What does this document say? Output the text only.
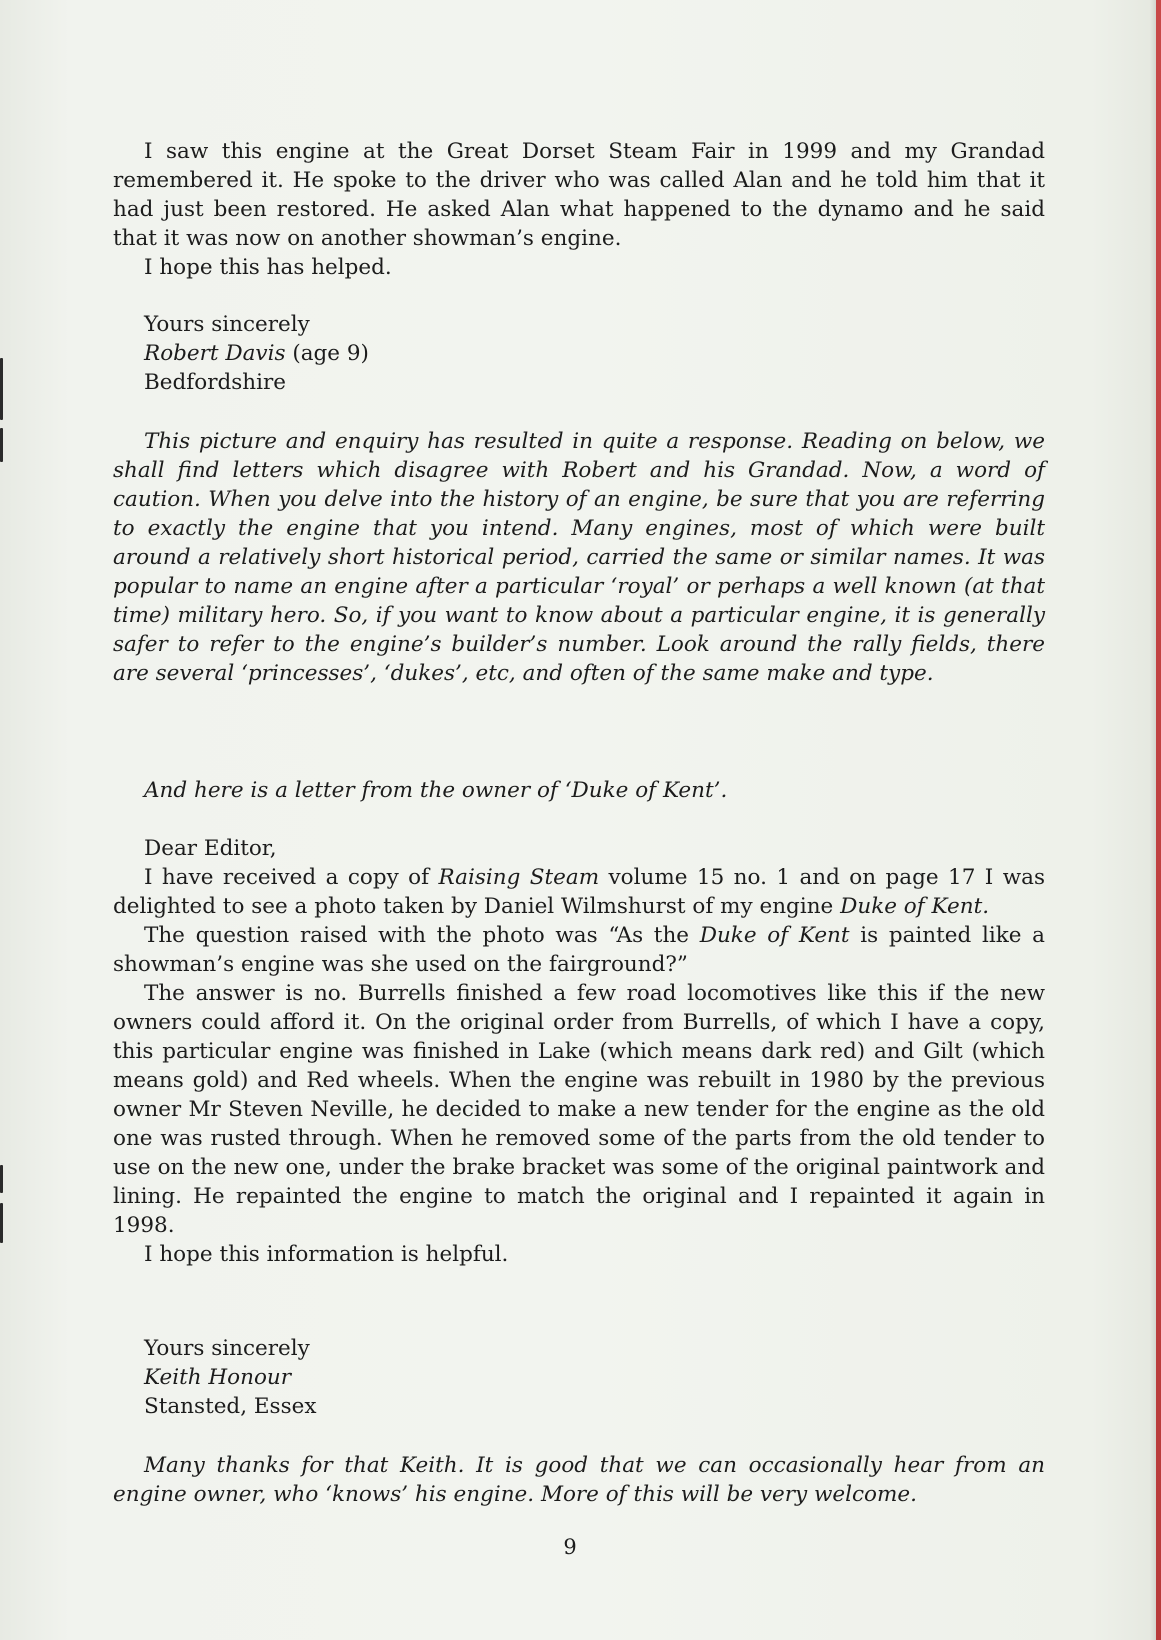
I saw this engine at the Great Dorset Steam Fair in 1999 and my Grandad remembered it. He spoke to the driver who was called Alan and he told him that it had just been restored. He asked Alan what happened to the dynamo and he said that it was now on another showman’s engine.

I hope this has helped.

Yours sincerely
Robert Davis (age 9)
Bedfordshire

This picture and enquiry has resulted in quite a response. Reading on below, we shall find letters which disagree with Robert and his Grandad. Now, a word of caution. When you delve into the history of an engine, be sure that you are referring to exactly the engine that you intend. Many engines, most of which were built around a relatively short historical period, carried the same or similar names. It was popular to name an engine after a particular ‘royal’ or perhaps a well known (at that time) military hero. So, if you want to know about a particular engine, it is generally safer to refer to the engine’s builder’s number. Look around the rally fields, there are several ‘princesses’, ‘dukes’, etc, and often of the same make and type.

And here is a letter from the owner of ‘Duke of Kent’.

Dear Editor,

I have received a copy of Raising Steam volume 15 no. 1 and on page 17 I was delighted to see a photo taken by Daniel Wilmshurst of my engine Duke of Kent.

The question raised with the photo was “As the Duke of Kent is painted like a showman’s engine was she used on the fairground?”

The answer is no. Burrells finished a few road locomotives like this if the new owners could afford it. On the original order from Burrells, of which I have a copy, this particular engine was finished in Lake (which means dark red) and Gilt (which means gold) and Red wheels. When the engine was rebuilt in 1980 by the previous owner Mr Steven Neville, he decided to make a new tender for the engine as the old one was rusted through. When he removed some of the parts from the old tender to use on the new one, under the brake bracket was some of the original paintwork and lining. He repainted the engine to match the original and I repainted it again in 1998.

I hope this information is helpful.

Yours sincerely
Keith Honour
Stansted, Essex

Many thanks for that Keith. It is good that we can occasionally hear from an engine owner, who ‘knows’ his engine. More of this will be very welcome.

9
